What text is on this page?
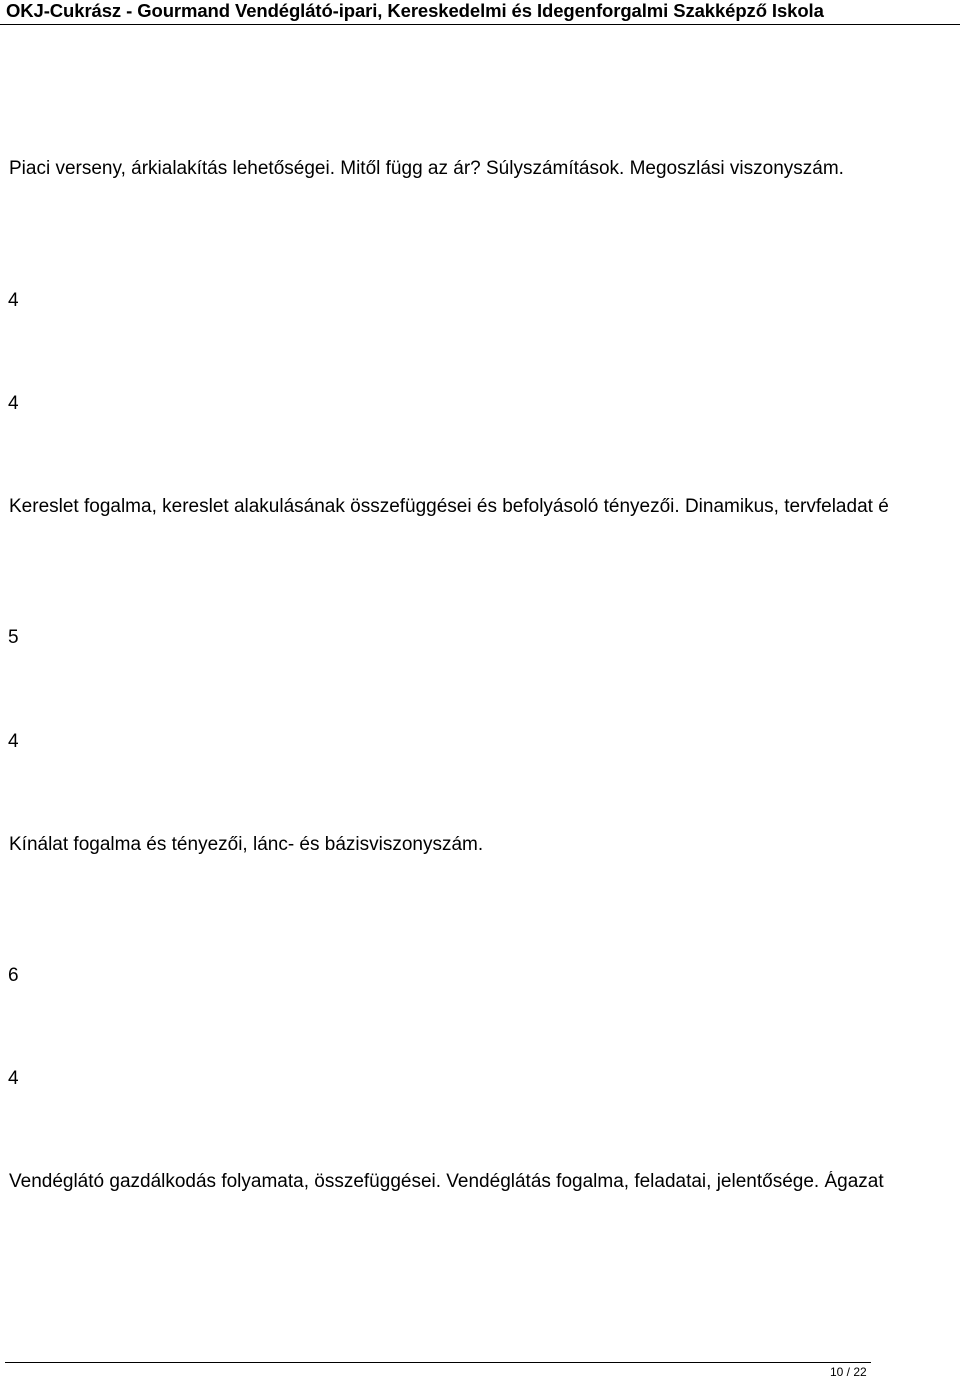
OKJ-Cukrász - Gourmand Vendéglátó-ipari, Kereskedelmi és Idegenforgalmi Szakképző Iskola
Piaci verseny, árkialakítás lehetőségei. Mitől függ az ár? Súlyszámítások. Megoszlási viszonyszám.
4
4
Kereslet fogalma, kereslet alakulásának összefüggései és befolyásoló tényezői. Dinamikus, tervfeladat é
5
4
Kínálat fogalma és tényezői, lánc- és bázisviszonyszám.
6
4
Vendéglátó gazdálkodás folyamata, összefüggései. Vendéglátás fogalma, feladatai, jelentősége. Ágazat
10 / 22
